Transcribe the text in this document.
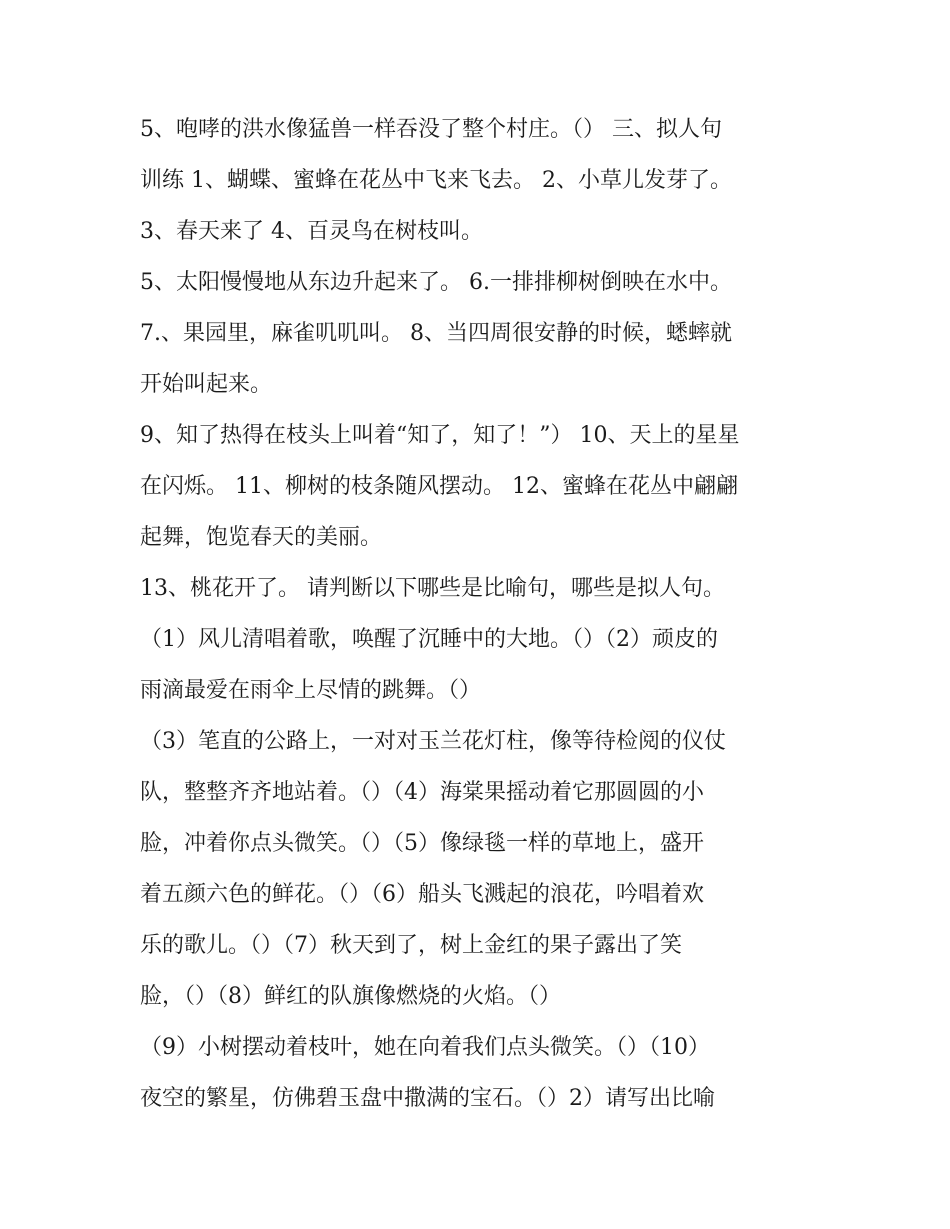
5、咆哮的洪水像猛兽一样吞没了整个村庄。（） 三、拟人句
训练 1、蝴蝶、蜜蜂在花丛中飞来飞去。 2、小草儿发芽了。
3、春天来了 4、百灵鸟在树枝叫。
5、太阳慢慢地从东边升起来了。 6.一排排柳树倒映在水中。
7.、果园里，麻雀叽叽叫。 8、当四周很安静的时候，蟋蟀就
开始叫起来。
9、知了热得在枝头上叫着“知了，知了！”） 10、天上的星星
在闪烁。 11、柳树的枝条随风摆动。 12、蜜蜂在花丛中翩翩
起舞，饱览春天的美丽。
13、桃花开了。 请判断以下哪些是比喻句，哪些是拟人句。
（1）风儿清唱着歌，唤醒了沉睡中的大地。（）（2）顽皮的
雨滴最爱在雨伞上尽情的跳舞。（）
（3）笔直的公路上，一对对玉兰花灯柱，像等待检阅的仪仗
队，整整齐齐地站着。（）（4）海棠果摇动着它那圆圆的小
脸，冲着你点头微笑。（）（5）像绿毯一样的草地上，盛开
着五颜六色的鲜花。（）（6）船头飞溅起的浪花，吟唱着欢
乐的歌儿。（）（7）秋天到了，树上金红的果子露出了笑
脸，（）（8）鲜红的队旗像燃烧的火焰。（）
（9）小树摆动着枝叶，她在向着我们点头微笑。（）（10）
夜空的繁星，仿佛碧玉盘中撒满的宝石。（）2）请写出比喻
